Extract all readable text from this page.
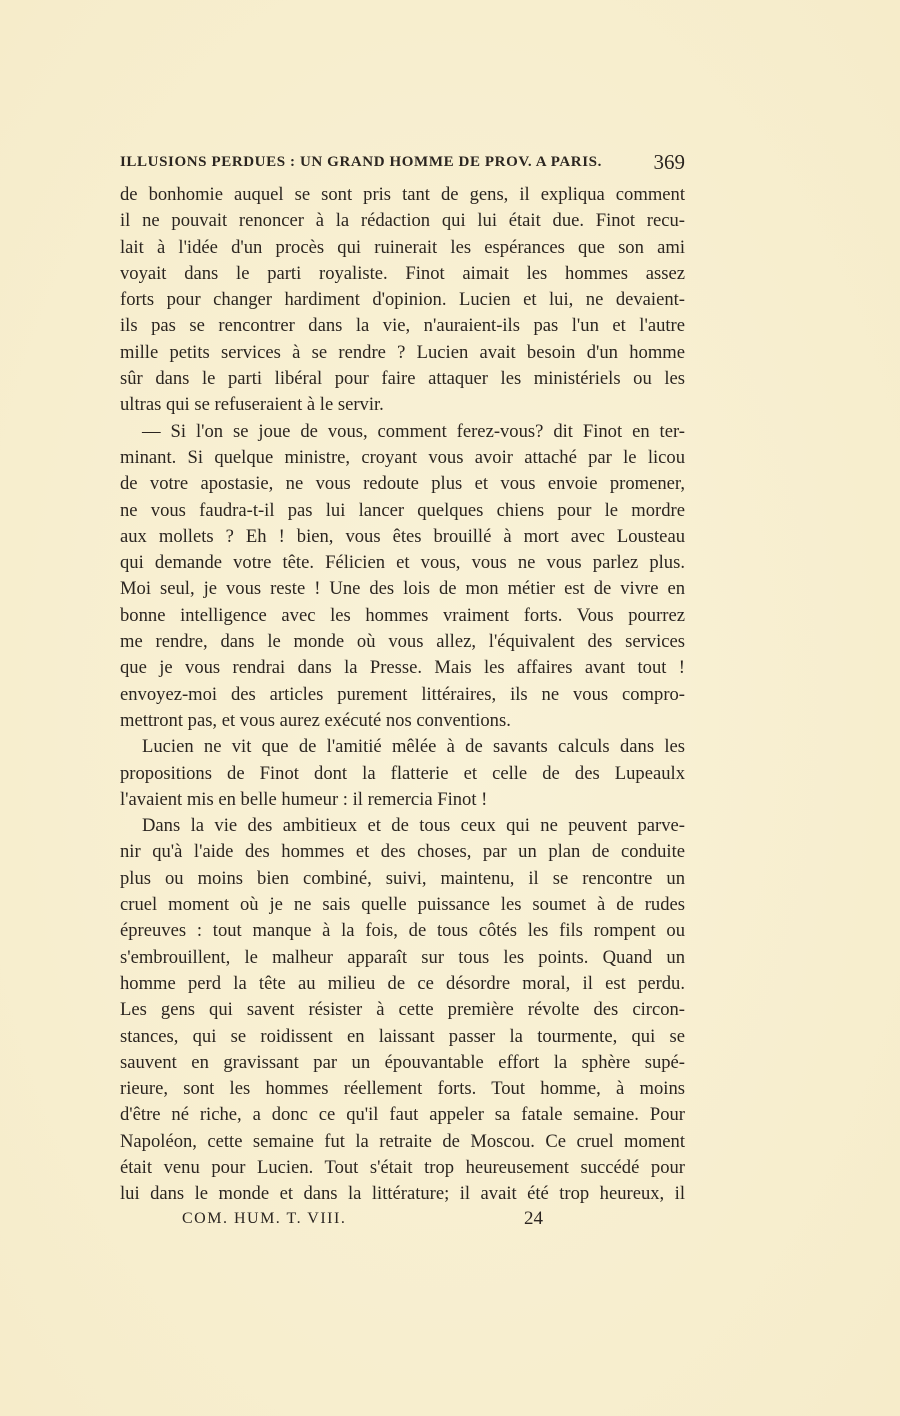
ILLUSIONS PERDUES : UN GRAND HOMME DE PROV. A PARIS. 369
de bonhomie auquel se sont pris tant de gens, il expliqua comment
il ne pouvait renoncer à la rédaction qui lui était due. Finot recu-
lait à l'idée d'un procès qui ruinerait les espérances que son ami
voyait dans le parti royaliste. Finot aimait les hommes assez
forts pour changer hardiment d'opinion. Lucien et lui, ne devaient-
ils pas se rencontrer dans la vie, n'auraient-ils pas l'un et l'autre
mille petits services à se rendre ? Lucien avait besoin d'un homme
sûr dans le parti libéral pour faire attaquer les ministériels ou les
ultras qui se refuseraient à le servir.
— Si l'on se joue de vous, comment ferez-vous? dit Finot en ter-
minant. Si quelque ministre, croyant vous avoir attaché par le licou
de votre apostasie, ne vous redoute plus et vous envoie promener,
ne vous faudra-t-il pas lui lancer quelques chiens pour le mordre
aux mollets ? Eh ! bien, vous êtes brouillé à mort avec Lousteau
qui demande votre tête. Félicien et vous, vous ne vous parlez plus.
Moi seul, je vous reste ! Une des lois de mon métier est de vivre en
bonne intelligence avec les hommes vraiment forts. Vous pourrez
me rendre, dans le monde où vous allez, l'équivalent des services
que je vous rendrai dans la Presse. Mais les affaires avant tout !
envoyez-moi des articles purement littéraires, ils ne vous compro-
mettront pas, et vous aurez exécuté nos conventions.
Lucien ne vit que de l'amitié mêlée à de savants calculs dans les
propositions de Finot dont la flatterie et celle de des Lupeaulx
l'avaient mis en belle humeur : il remercia Finot !
Dans la vie des ambitieux et de tous ceux qui ne peuvent parve-
nir qu'à l'aide des hommes et des choses, par un plan de conduite
plus ou moins bien combiné, suivi, maintenu, il se rencontre un
cruel moment où je ne sais quelle puissance les soumet à de rudes
épreuves : tout manque à la fois, de tous côtés les fils rompent ou
s'embrouillent, le malheur apparaît sur tous les points. Quand un
homme perd la tête au milieu de ce désordre moral, il est perdu.
Les gens qui savent résister à cette première révolte des circon-
stances, qui se roidissent en laissant passer la tourmente, qui se
sauvent en gravissant par un épouvantable effort la sphère supé-
rieure, sont les hommes réellement forts. Tout homme, à moins
d'être né riche, a donc ce qu'il faut appeler sa fatale semaine. Pour
Napoléon, cette semaine fut la retraite de Moscou. Ce cruel moment
était venu pour Lucien. Tout s'était trop heureusement succédé pour
lui dans le monde et dans la littérature; il avait été trop heureux, il
COM. HUM. T. VIII.	24
